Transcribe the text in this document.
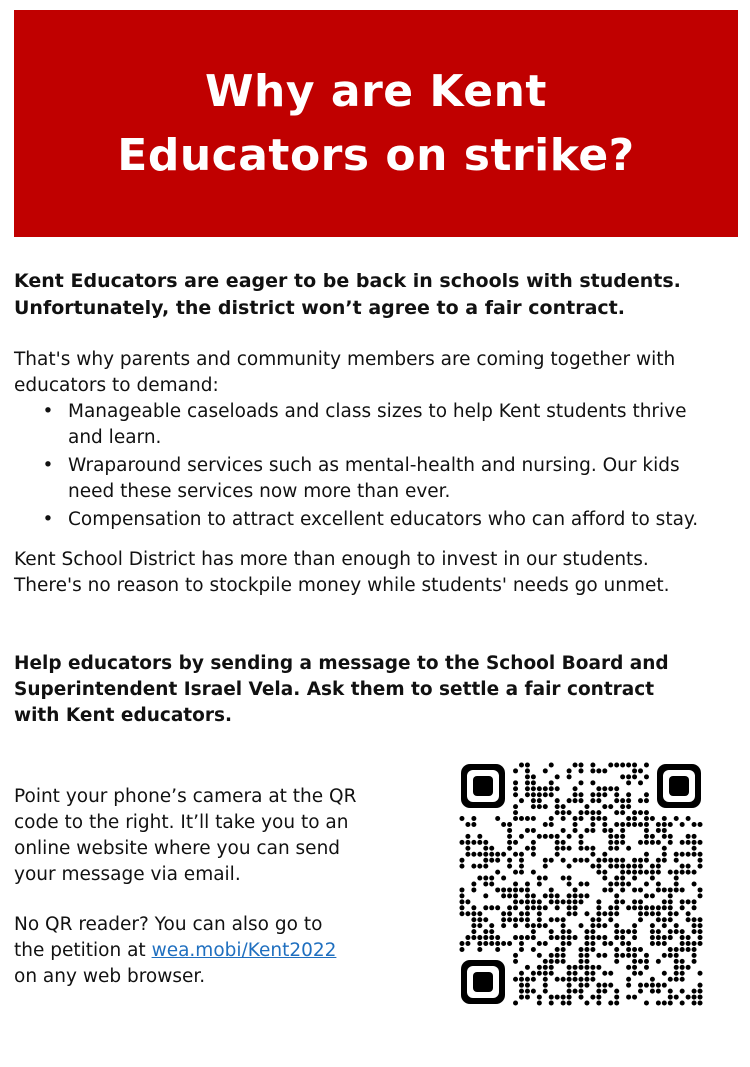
Why are Kent
Educators on strike?

Kent Educators are eager to be back in schools with students.
Unfortunately, the district won’t agree to a fair contract.

That's why parents and community members are coming together with
educators to demand:

• Manageable caseloads and class sizes to help Kent students thrive
and learn.
• Wraparound services such as mental-health and nursing. Our kids
need these services now more than ever.
• Compensation to attract excellent educators who can afford to stay.

Kent School District has more than enough to invest in our students.
There's no reason to stockpile money while students' needs go unmet.

Help educators by sending a message to the School Board and
Superintendent Israel Vela. Ask them to settle a fair contract
with Kent educators.

Point your phone’s camera at the QR
code to the right. It’ll take you to an
online website where you can send
your message via email.

No QR reader? You can also go to
the petition at wea.mobi/Kent2022
on any web browser.
